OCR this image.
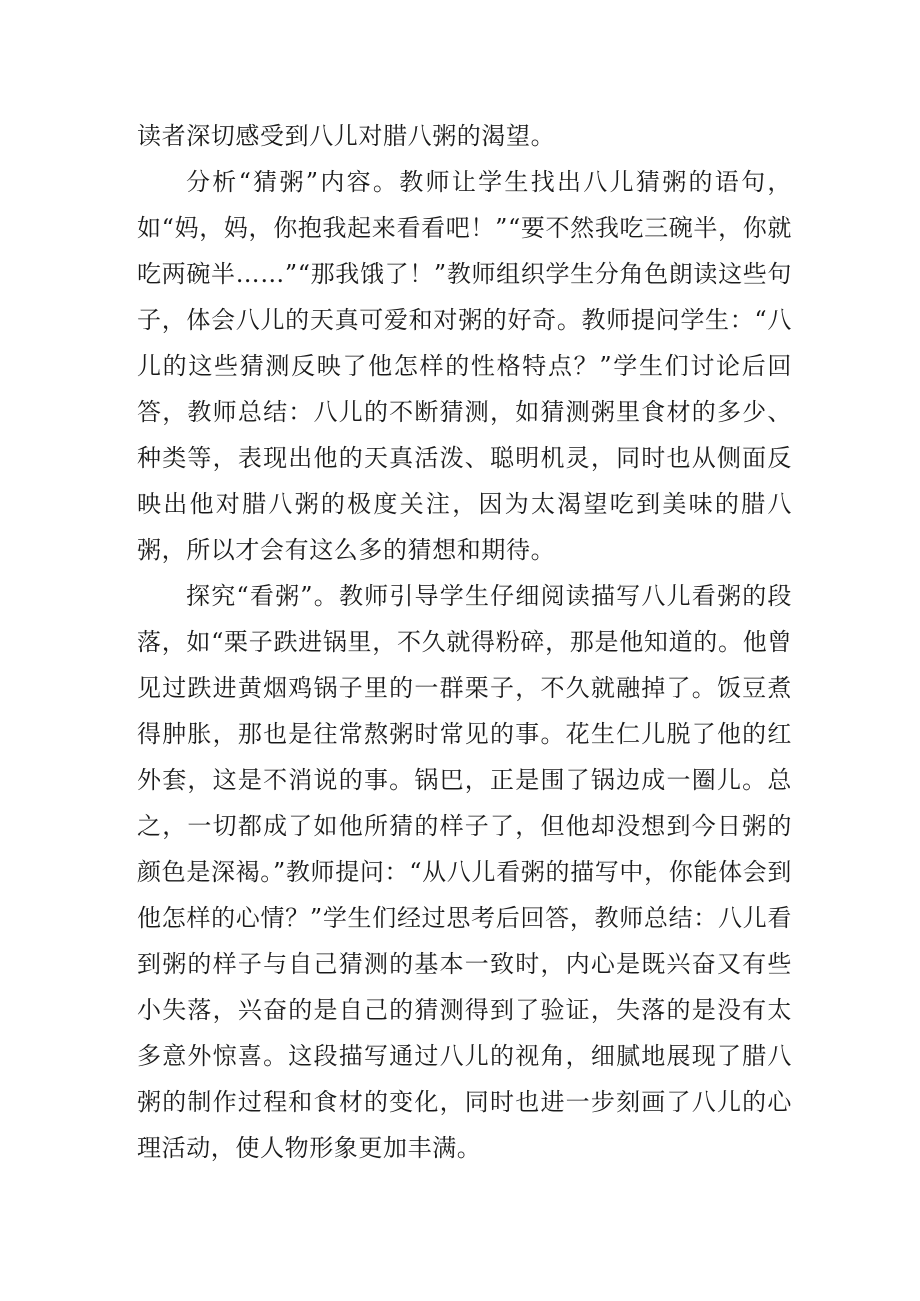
读者深切感受到八儿对腊八粥的渴望。

分析“猜粥”内容。教师让学生找出八儿猜粥的语句，如“妈，妈，你抱我起来看看吧！”“要不然我吃三碗半，你就吃两碗半……”“那我饿了！”教师组织学生分角色朗读这些句子，体会八儿的天真可爱和对粥的好奇。教师提问学生：“八儿的这些猜测反映了他怎样的性格特点？”学生们讨论后回答，教师总结：八儿的不断猜测，如猜测粥里食材的多少、种类等，表现出他的天真活泼、聪明机灵，同时也从侧面反映出他对腊八粥的极度关注，因为太渴望吃到美味的腊八粥，所以才会有这么多的猜想和期待。

探究“看粥”。教师引导学生仔细阅读描写八儿看粥的段落，如“栗子跌进锅里，不久就得粉碎，那是他知道的。他曾见过跌进黄烟鸡锅子里的一群栗子，不久就融掉了。饭豆煮得肿胀，那也是往常熬粥时常见的事。花生仁儿脱了他的红外套，这是不消说的事。锅巴，正是围了锅边成一圈儿。总之，一切都成了如他所猜的样子了，但他却没想到今日粥的颜色是深褐。”教师提问：“从八儿看粥的描写中，你能体会到他怎样的心情？”学生们经过思考后回答，教师总结：八儿看到粥的样子与自己猜测的基本一致时，内心是既兴奋又有些小失落，兴奋的是自己的猜测得到了验证，失落的是没有太多意外惊喜。这段描写通过八儿的视角，细腻地展现了腊八粥的制作过程和食材的变化，同时也进一步刻画了八儿的心理活动，使人物形象更加丰满。
